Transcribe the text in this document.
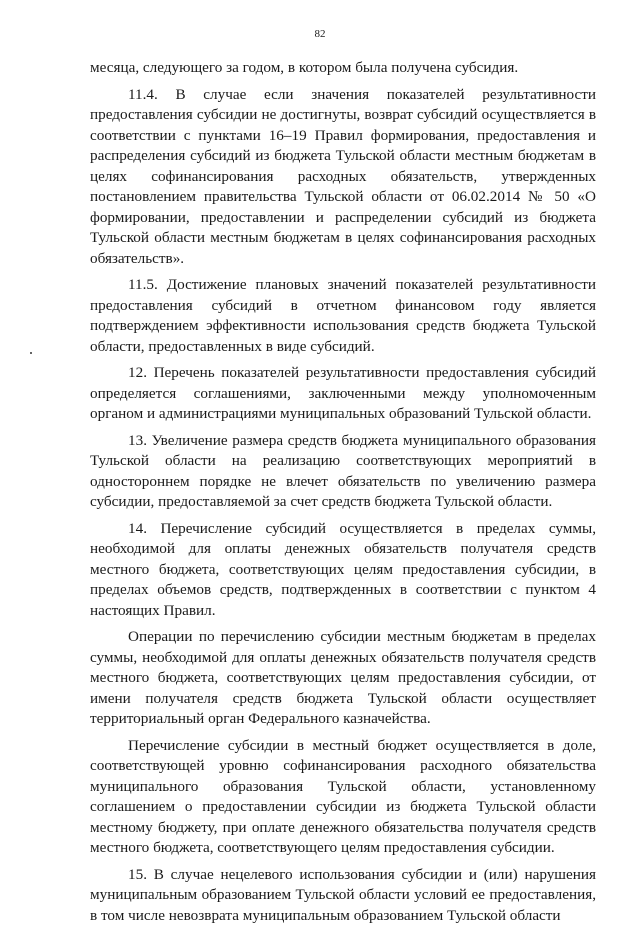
82

месяца, следующего за годом, в котором была получена субсидия.

11.4. В случае если значения показателей результативности предоставления субсидии не достигнуты, возврат субсидий осуществляется в соответствии с пунктами 16–19 Правил формирования, предоставления и распределения субсидий из бюджета Тульской области местным бюджетам в целях софинансирования расходных обязательств, утвержденных постановлением правительства Тульской области от 06.02.2014 № 50 «О формировании, предоставлении и распределении субсидий из бюджета Тульской области местным бюджетам в целях софинансирования расходных обязательств».

11.5. Достижение плановых значений показателей результативности предоставления субсидий в отчетном финансовом году является подтверждением эффективности использования средств бюджета Тульской области, предоставленных в виде субсидий.

12. Перечень показателей результативности предоставления субсидий определяется соглашениями, заключенными между уполномоченным органом и администрациями муниципальных образований Тульской области.

13. Увеличение размера средств бюджета муниципального образования Тульской области на реализацию соответствующих мероприятий в одностороннем порядке не влечет обязательств по увеличению размера субсидии, предоставляемой за счет средств бюджета Тульской области.

14. Перечисление субсидий осуществляется в пределах суммы, необходимой для оплаты денежных обязательств получателя средств местного бюджета, соответствующих целям предоставления субсидии, в пределах объемов средств, подтвержденных в соответствии с пунктом 4 настоящих Правил.

Операции по перечислению субсидии местным бюджетам в пределах суммы, необходимой для оплаты денежных обязательств получателя средств местного бюджета, соответствующих целям предоставления субсидии, от имени получателя средств бюджета Тульской области осуществляет территориальный орган Федерального казначейства.

Перечисление субсидии в местный бюджет осуществляется в доле, соответствующей уровню софинансирования расходного обязательства муниципального образования Тульской области, установленному соглашением о предоставлении субсидии из бюджета Тульской области местному бюджету, при оплате денежного обязательства получателя средств местного бюджета, соответствующего целям предоставления субсидии.

15. В случае нецелевого использования субсидии и (или) нарушения муниципальным образованием Тульской области условий ее предоставления, в том числе невозврата муниципальным образованием Тульской области
